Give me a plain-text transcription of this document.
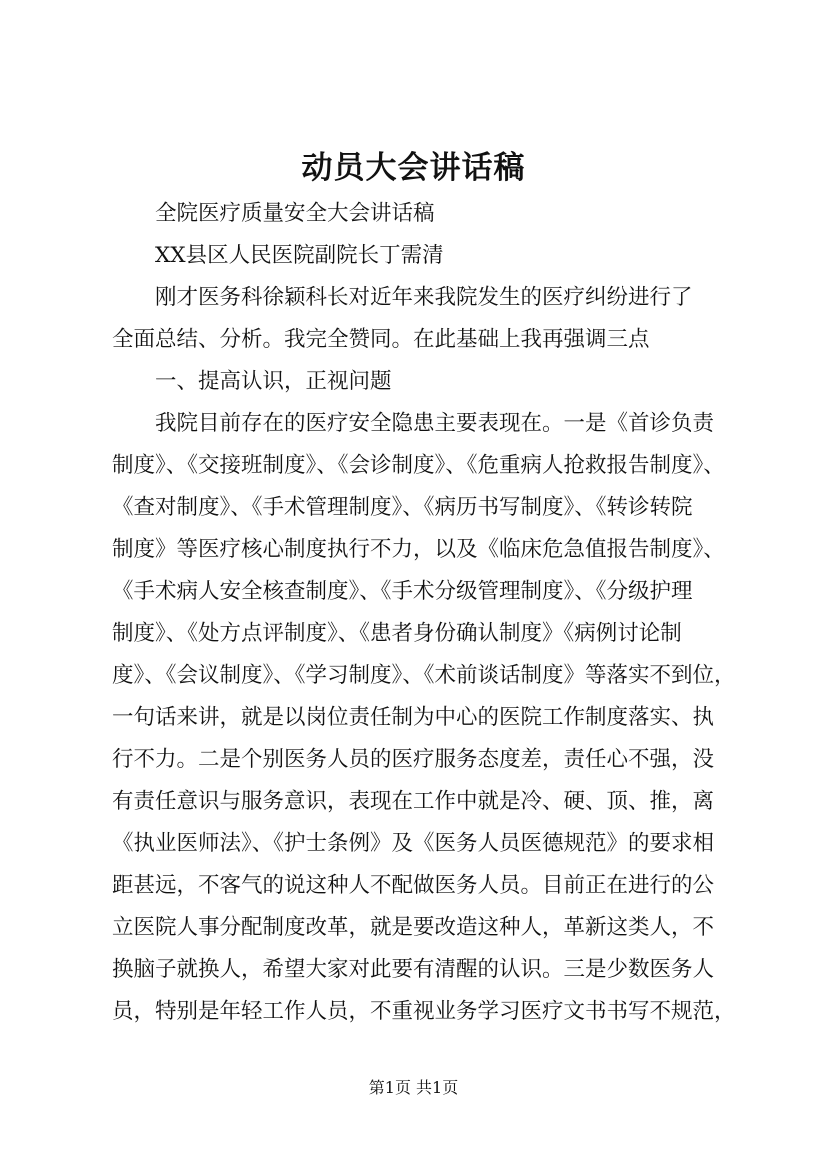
动员大会讲话稿
全院医疗质量安全大会讲话稿
XX县区人民医院副院长丁需清
刚才医务科徐颖科长对近年来我院发生的医疗纠纷进行了
全面总结、分析。我完全赞同。在此基础上我再强调三点
一、提高认识，正视问题
我院目前存在的医疗安全隐患主要表现在。一是《首诊负责
制度》、《交接班制度》、《会诊制度》、《危重病人抢救报告制度》、
《查对制度》、《手术管理制度》、《病历书写制度》、《转诊转院
制度》等医疗核心制度执行不力，以及《临床危急值报告制度》、
《手术病人安全核查制度》、《手术分级管理制度》、《分级护理
制度》、《处方点评制度》、《患者身份确认制度》《病例讨论制
度》、《会议制度》、《学习制度》、《术前谈话制度》等落实不到位，
一句话来讲，就是以岗位责任制为中心的医院工作制度落实、执
行不力。二是个别医务人员的医疗服务态度差，责任心不强，没
有责任意识与服务意识，表现在工作中就是冷、硬、顶、推，离
《执业医师法》、《护士条例》及《医务人员医德规范》的要求相
距甚远，不客气的说这种人不配做医务人员。目前正在进行的公
立医院人事分配制度改革，就是要改造这种人，革新这类人，不
换脑子就换人，希望大家对此要有清醒的认识。三是少数医务人
员，特别是年轻工作人员，不重视业务学习医疗文书书写不规范，
第1页 共1页
